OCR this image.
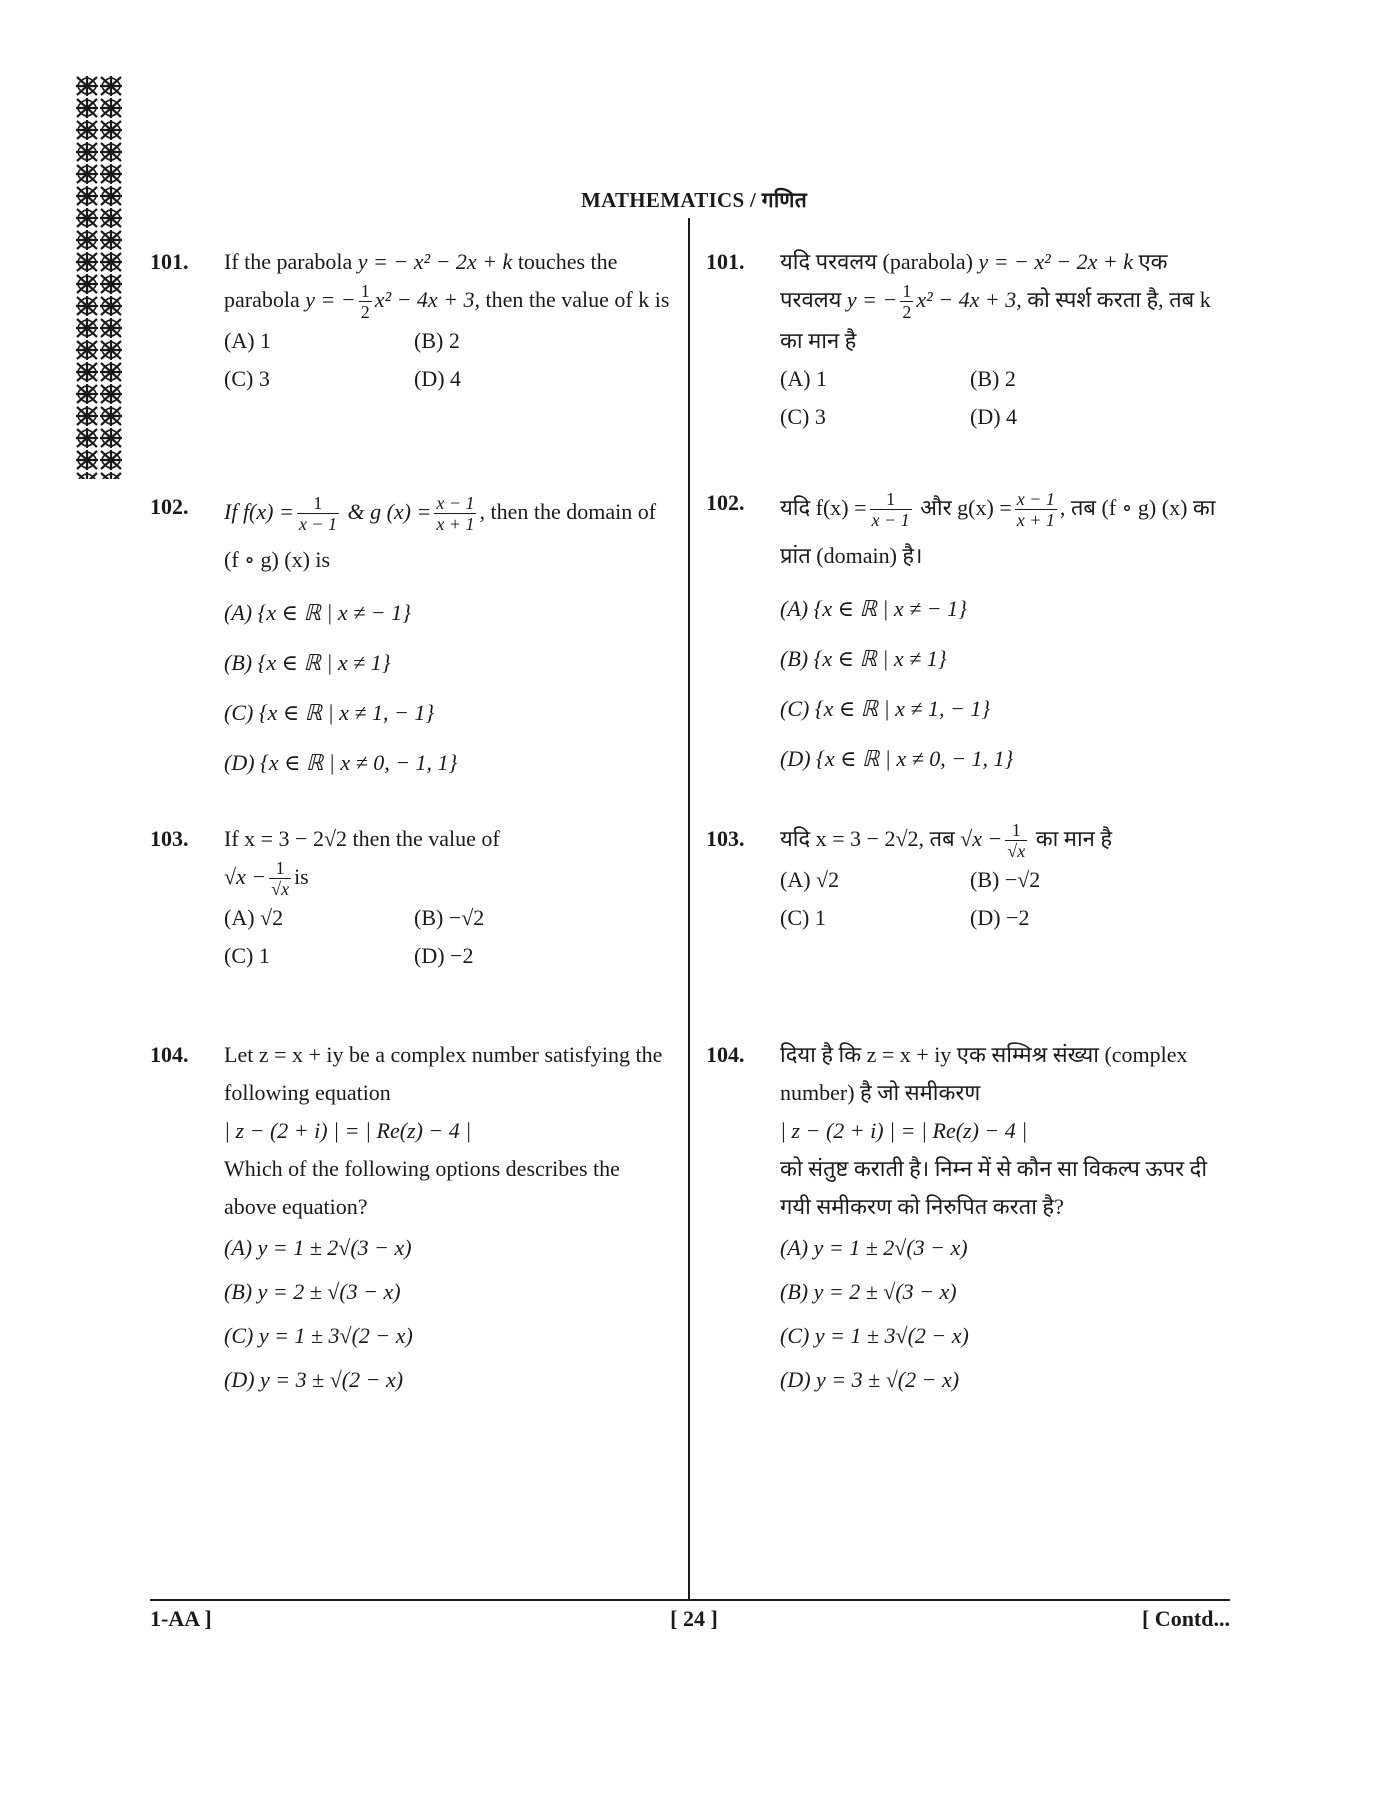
MATHEMATICS / गणित
101. If the parabola y = − x² − 2x + k touches the parabola y = − $\frac{1}{2} x^2 - 4x + 3$, then the value of k is
(A) 1	(B) 2
(C) 3	(D) 4
102. If $f(x) = \frac{1}{x - 1}$ & g $(x) = \frac{x - 1}{x + 1}$ , then the domain of (f ∘ g) (x) is
(A) {x ∈ ℝ | x ≠ − 1}
(B) {x ∈ ℝ | x ≠ 1}
(C) {x ∈ ℝ | x ≠ 1, − 1}
(D) {x ∈ ℝ | x ≠ 0, − 1, 1}
103. If x = 3 − 2√2 then the value of
$√x - \frac{1}{√x}$ is
(A) √2	(B) −√2
(C) 1	(D) −2
104. Let z = x + iy be a complex number satisfying the following equation
| z − (2 + i) | = | Re(z) − 4 |
Which of the following options describes the above equation?
(A) y = 1 ± 2√(3 − x)
(B) y = 2 ± √(3 − x)
(C) y = 1 ± 3√(2 − x)
(D) y = 3 ± √(2 − x)
101. यदि परवलय (parabola) y = − x² − 2x + k एक परवलय y = − $\frac{1}{2} x^2 - 4x + 3$, को स्पर्श करता है, तब k का मान है
(A) 1	(B) 2
(C) 3	(D) 4
102. यदि $f(x) = \frac{1}{x - 1}$ और $g(x) = \frac{x - 1}{x + 1}$ , तब (f ∘ g) (x) का प्रांत (domain) है।
(A) {x ∈ ℝ | x ≠ − 1}
(B) {x ∈ ℝ | x ≠ 1}
(C) {x ∈ ℝ | x ≠ 1, − 1}
(D) {x ∈ ℝ | x ≠ 0, − 1, 1}
103. यदि x = 3 − 2√2, तब $√x - \frac{1}{√x}$ का मान है
(A) √2	(B) −√2
(C) 1	(D) −2
104. दिया है कि z = x + iy एक सम्मिश्र संख्या (complex number) है जो समीकरण
| z − (2 + i) | = | Re(z) − 4 |
को संतुष्ट कराती है। निम्न में से कौन सा विकल्प ऊपर दी गयी समीकरण को निरुपित करता है?
(A) y = 1 ± 2√(3 − x)
(B) y = 2 ± √(3 − x)
(C) y = 1 ± 3√(2 − x)
(D) y = 3 ± √(2 − x)
1-AA ]	[ 24 ]	[ Contd...
